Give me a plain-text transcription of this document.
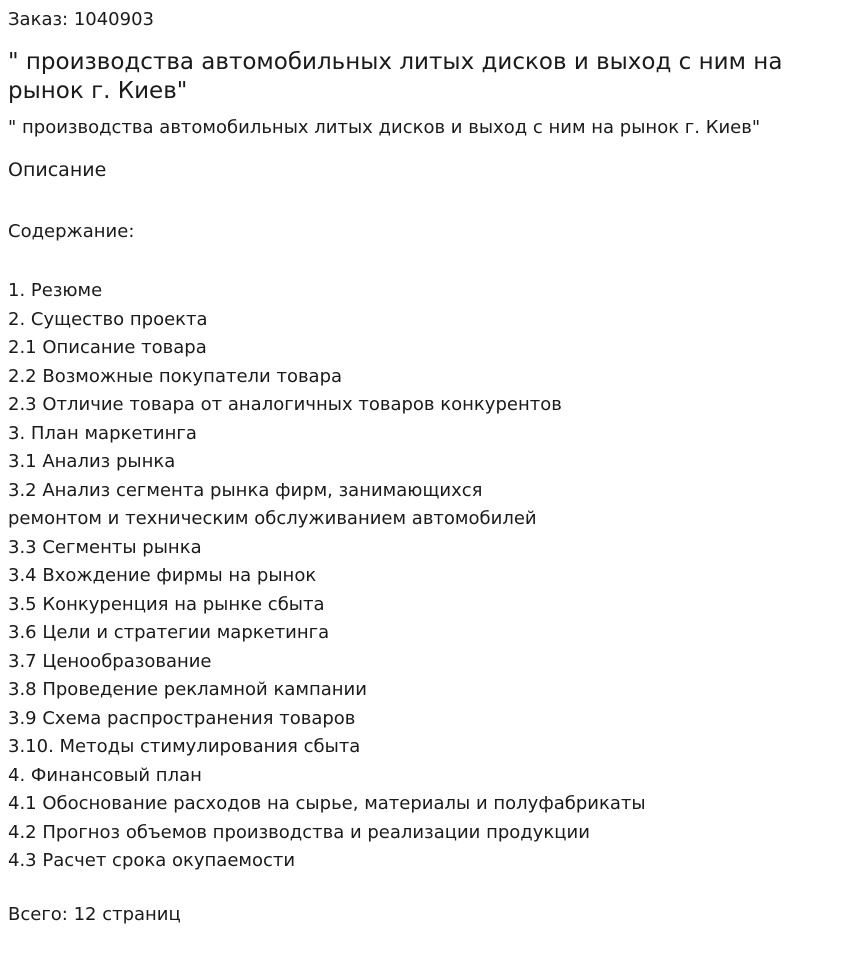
Заказ: 1040903
" производства автомобильных литых дисков и выход с ним на рынок г. Киев"
" производства автомобильных литых дисков и выход с ним на рынок г. Киев"
Описание
Содержание:
1. Резюме
2. Существо проекта
2.1 Описание товара
2.2 Возможные покупатели товара
2.3 Отличие товара от аналогичных товаров конкурентов
3. План маркетинга
3.1 Анализ рынка
3.2 Анализ сегмента рынка фирм, занимающихся
ремонтом и техническим обслуживанием автомобилей
3.3 Сегменты рынка
3.4 Вхождение фирмы на рынок
3.5 Конкуренция на рынке сбыта
3.6 Цели и стратегии маркетинга
3.7 Ценообразование
3.8 Проведение рекламной кампании
3.9 Схема распространения товаров
3.10. Методы стимулирования сбыта
4. Финансовый план
4.1 Обоснование расходов на сырье, материалы и полуфабрикаты
4.2 Прогноз объемов производства и реализации продукции
4.3 Расчет срока окупаемости
Всего: 12 страниц
